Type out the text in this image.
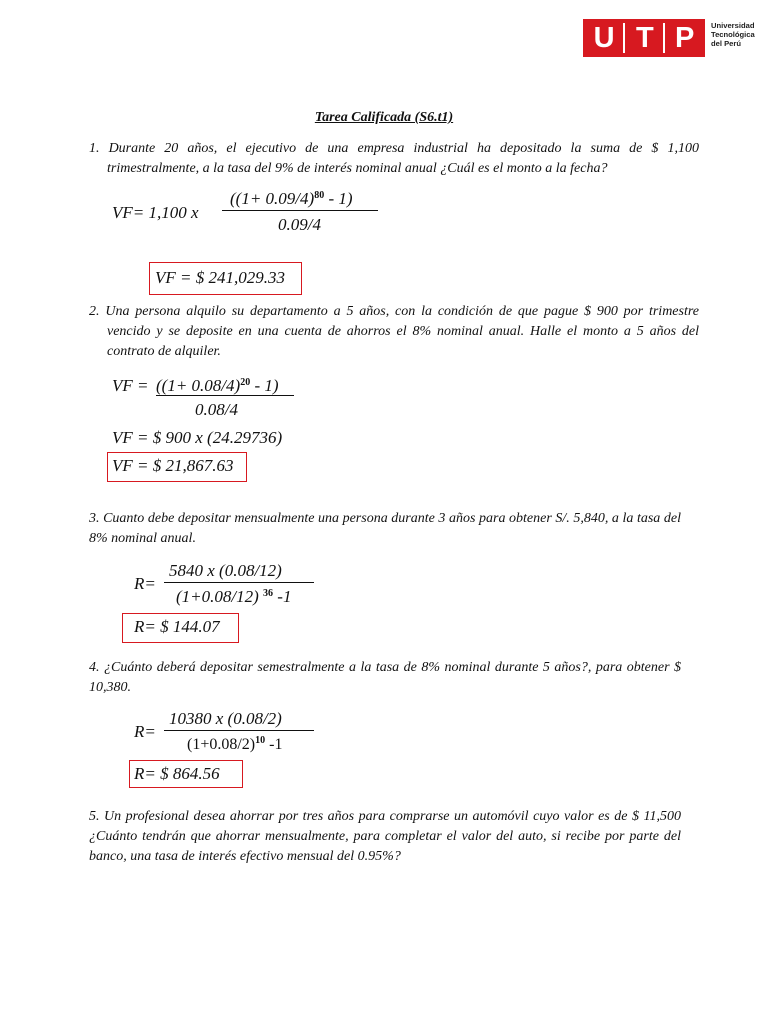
U T P Universidad
Tecnológica
del Perú
Tarea Calificada (S6.t1)
1. Durante 20 años, el ejecutivo de una empresa industrial ha depositado la suma de $ 1,100 trimestralmente, a la tasa del 9% de interés nominal anual ¿Cuál es el monto a la fecha?
VF= 1,100 x
$((1+ 0.09/4)^{80} - 1)$
0.09/4
VF = $ 241,029.33
2. Una persona alquilo su departamento a 5 años, con la condición de que pague $ 900 por trimestre vencido y se deposite en una cuenta de ahorros el 8% nominal anual. Halle el monto a 5 años del contrato de alquiler.
VF = $((1+ 0.08/4)^{20} - 1)$
0.08/4
VF = $ 900 x (24.29736)
VF = $ 21,867.63
3. Cuanto debe depositar mensualmente una persona durante 3 años para obtener S/. 5,840, a la tasa del 8% nominal anual.
R=
5840 x (0.08/12)
(1+0.08/12) $^{36}$ -1
R= $ 144.07
4. ¿Cuánto deberá depositar semestralmente a la tasa de 8% nominal durante 5 años?, para obtener $ 10,380.
R=
10380 x (0.08/2)
$(1+0.08/2)^{10}$ -1
R= $ 864.56
5. Un profesional desea ahorrar por tres años para comprarse un automóvil cuyo valor es de $ 11,500 ¿Cuánto tendrán que ahorrar mensualmente, para completar el valor del auto, si recibe por parte del banco, una tasa de interés efectivo mensual del 0.95%?
